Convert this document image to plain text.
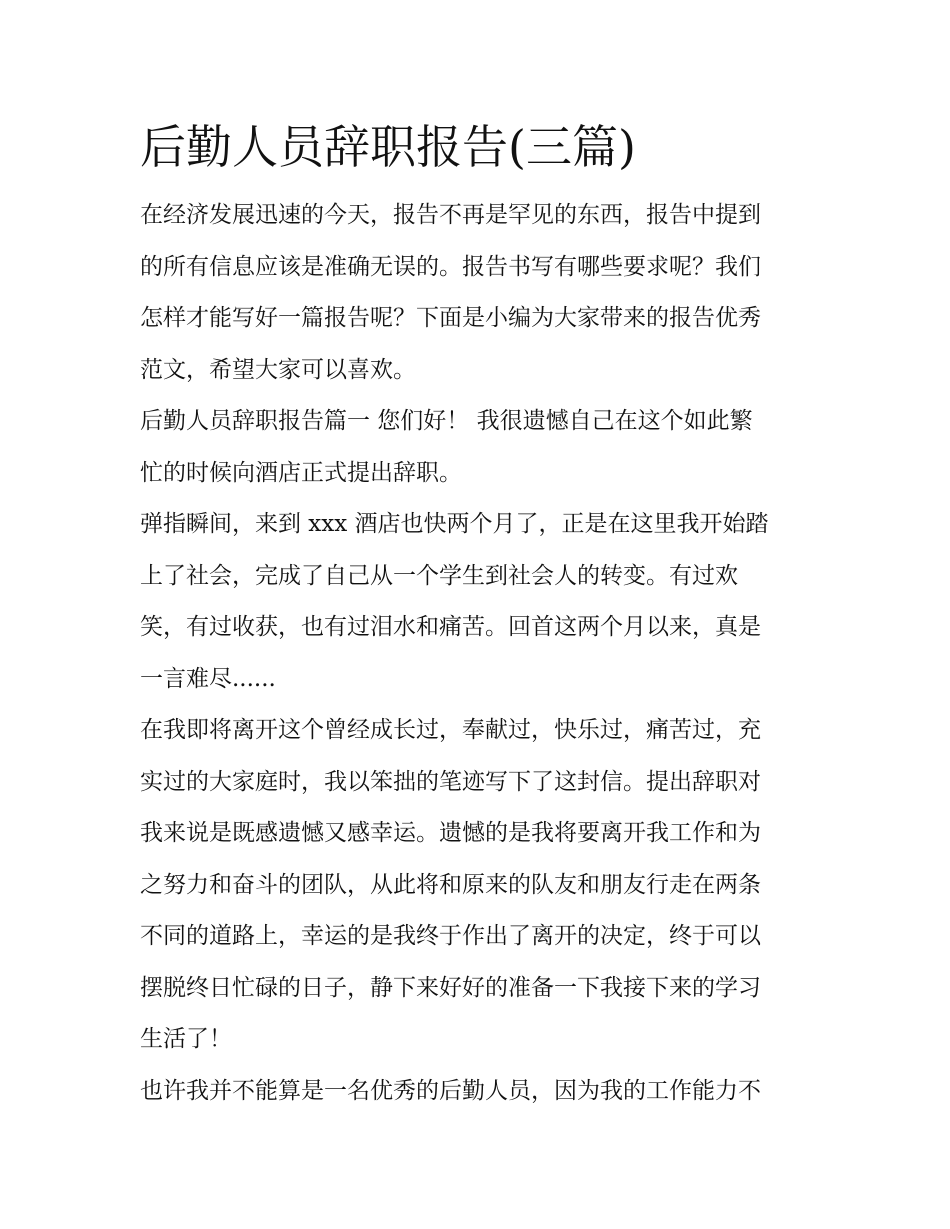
后勤人员辞职报告(三篇)

在经济发展迅速的今天，报告不再是罕见的东西，报告中提到
的所有信息应该是准确无误的。报告书写有哪些要求呢？我们
怎样才能写好一篇报告呢？下面是小编为大家带来的报告优秀
范文，希望大家可以喜欢。

后勤人员辞职报告篇一 您们好！ 我很遗憾自己在这个如此繁
忙的时候向酒店正式提出辞职。

弹指瞬间，来到 xxx 酒店也快两个月了，正是在这里我开始踏
上了社会，完成了自己从一个学生到社会人的转变。有过欢
笑，有过收获，也有过泪水和痛苦。回首这两个月以来，真是
一言难尽......

在我即将离开这个曾经成长过，奉献过，快乐过，痛苦过，充
实过的大家庭时，我以笨拙的笔迹写下了这封信。提出辞职对
我来说是既感遗憾又感幸运。遗憾的是我将要离开我工作和为
之努力和奋斗的团队，从此将和原来的队友和朋友行走在两条
不同的道路上，幸运的是我终于作出了离开的决定，终于可以
摆脱终日忙碌的日子，静下来好好的准备一下我接下来的学习
生活了！

也许我并不能算是一名优秀的后勤人员，因为我的工作能力不
